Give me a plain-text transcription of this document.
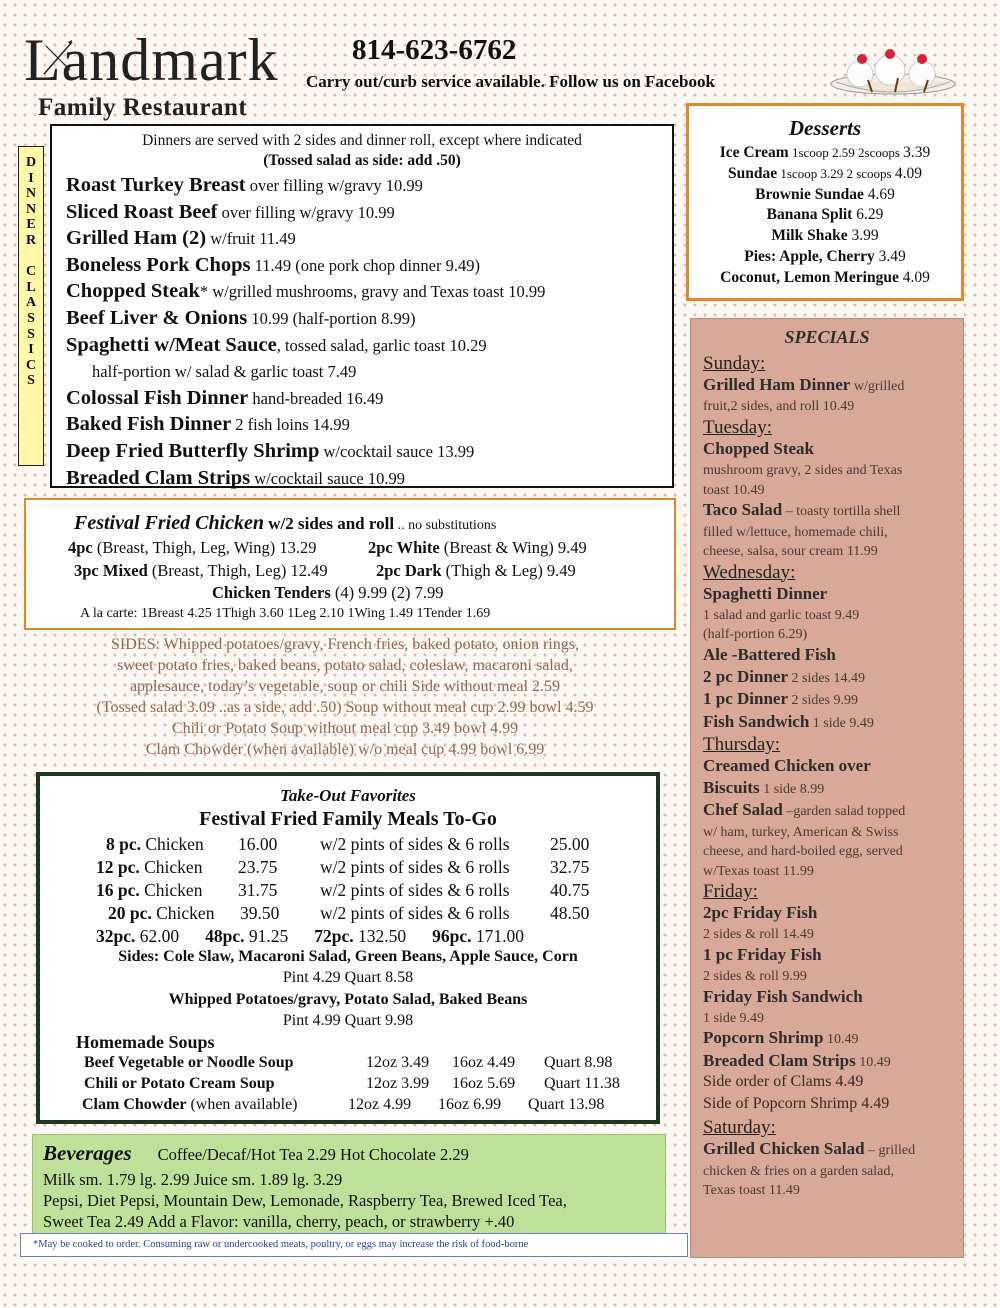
Landmark
Family Restaurant
814-623-6762
Carry out/curb service available. Follow us on Facebook
D
I
N
N
E
R

C
L
A
S
S
I
C
S
Dinners are served with 2 sides and dinner roll, except where indicated
(Tossed salad as side: add .50)
Roast Turkey Breast over filling w/gravy 10.99
Sliced Roast Beef over filling w/gravy 10.99
Grilled Ham (2) w/fruit 11.49
Boneless Pork Chops 11.49 (one pork chop dinner 9.49)
Chopped Steak* w/grilled mushrooms, gravy and Texas toast 10.99
Beef Liver & Onions 10.99 (half-portion 8.99)
Spaghetti w/Meat Sauce, tossed salad, garlic toast 10.29
half-portion w/ salad & garlic toast 7.49
Colossal Fish Dinner hand-breaded 16.49
Baked Fish Dinner 2 fish loins 14.99
Deep Fried Butterfly Shrimp w/cocktail sauce 13.99
Breaded Clam Strips w/cocktail sauce 10.99
Festival Fried Chicken w/2 sides and roll .. no substitutions
4pc (Breast, Thigh, Leg, Wing) 13.29	2pc White (Breast & Wing) 9.49
3pc Mixed (Breast, Thigh, Leg) 12.49	2pc Dark (Thigh & Leg) 9.49
Chicken Tenders (4) 9.99 (2) 7.99
A la carte: 1Breast 4.25 1Thigh 3.60 1Leg 2.10 1Wing 1.49 1Tender 1.69
SIDES: Whipped potatoes/gravy, French fries, baked potato, onion rings,
sweet potato fries, baked beans, potato salad, coleslaw, macaroni salad,
applesauce, today’s vegetable, soup or chili Side without meal 2.59
(Tossed salad 3.09 ..as a side, add .50) Soup without meal cup 2.99 bowl 4.59
Chili or Potato Soup without meal cup 3.49 bowl 4.99
Clam Chowder (when available) w/o meal cup 4.99 bowl 6.99
Take-Out Favorites
Festival Fried Family Meals To-Go
8 pc. Chicken 16.00 w/2 pints of sides & 6 rolls 25.00
12 pc. Chicken 23.75 w/2 pints of sides & 6 rolls 32.75
16 pc. Chicken 31.75 w/2 pints of sides & 6 rolls 40.75
20 pc. Chicken 39.50 w/2 pints of sides & 6 rolls 48.50
32pc. 62.00 48pc. 91.25 72pc. 132.50 96pc. 171.00
Sides: Cole Slaw, Macaroni Salad, Green Beans, Apple Sauce, Corn
Pint 4.29 Quart 8.58
Whipped Potatoes/gravy, Potato Salad, Baked Beans
Pint 4.99 Quart 9.98
Homemade Soups
Beef Vegetable or Noodle Soup	12oz 3.49 16oz 4.49 Quart 8.98
Chili or Potato Cream Soup	12oz 3.99 16oz 5.69 Quart 11.38
Clam Chowder (when available)	12oz 4.99 16oz 6.99 Quart 13.98
Beverages Coffee/Decaf/Hot Tea 2.29 Hot Chocolate 2.29
Milk sm. 1.79 lg. 2.99 Juice sm. 1.89 lg. 3.29
Pepsi, Diet Pepsi, Mountain Dew, Lemonade, Raspberry Tea, Brewed Iced Tea,
Sweet Tea 2.49 Add a Flavor: vanilla, cherry, peach, or strawberry +.40
*May be cooked to order. Consuming raw or undercooked meats, poultry, or eggs may increase the risk of food-borne
Desserts
Ice Cream 1scoop 2.59 2scoops 3.39
Sundae 1scoop 3.29 2 scoops 4.09
Brownie Sundae 4.69
Banana Split 6.29
Milk Shake 3.99
Pies: Apple, Cherry 3.49
Coconut, Lemon Meringue 4.09
SPECIALS
Sunday:
Grilled Ham Dinner w/grilled
fruit,2 sides, and roll 10.49
Tuesday:
Chopped Steak
mushroom gravy, 2 sides and Texas
toast 10.49
Taco Salad – toasty tortilla shell
filled w/lettuce, homemade chili,
cheese, salsa, sour cream 11.99
Wednesday:
Spaghetti Dinner
1 salad and garlic toast 9.49
(half-portion 6.29)
Ale -Battered Fish
2 pc Dinner 2 sides 14.49
1 pc Dinner 2 sides 9.99
Fish Sandwich 1 side 9.49
Thursday:
Creamed Chicken over
Biscuits 1 side 8.99
Chef Salad –garden salad topped
w/ ham, turkey, American & Swiss
cheese, and hard-boiled egg, served
w/Texas toast 11.99
Friday:
2pc Friday Fish
2 sides & roll 14.49
1 pc Friday Fish
2 sides & roll 9.99
Friday Fish Sandwich
1 side 9.49
Popcorn Shrimp 10.49
Breaded Clam Strips 10.49
Side order of Clams 4.49
Side of Popcorn Shrimp 4.49
Saturday:
Grilled Chicken Salad – grilled
chicken & fries on a garden salad,
Texas toast 11.49
